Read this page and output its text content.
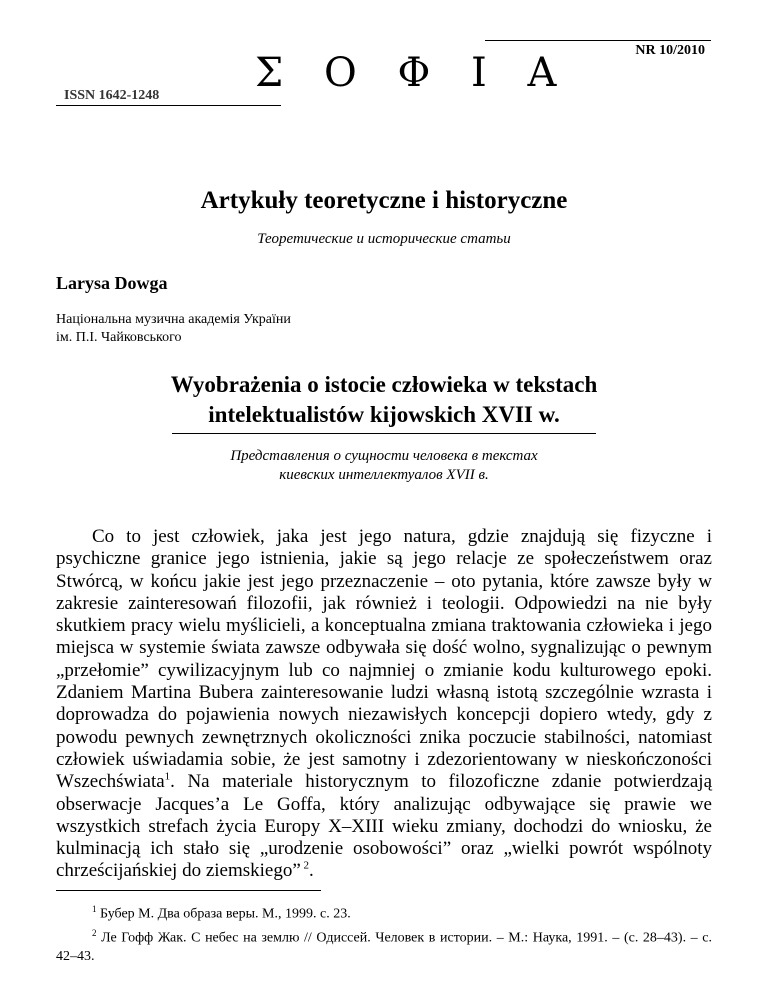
NR 10/2010
Σ Ο Φ Ι Α
ISSN 1642-1248
Artykuły teoretyczne i historyczne
Теоретические и исторические статьи
Larysa Dowga
Національна музична академія України
ім. П.І. Чайковського
Wyobrażenia o istocie człowieka w tekstach
intelektualistów kijowskich XVII w.
Представления о сущности человека в текстах
киевских интеллектуалов XVII в.
Co to jest człowiek, jaka jest jego natura, gdzie znajdują się fizyczne i psychiczne granice jego istnienia, jakie są jego relacje ze społeczeństwem oraz Stwórcą, w końcu jakie jest jego przeznaczenie – oto pytania, które zawsze były w zakresie zainteresowań filozofii, jak również i teologii. Odpowiedzi na nie były skutkiem pracy wielu myślicieli, a konceptualna zmiana traktowania człowieka i jego miejsca w systemie świata zawsze odbywała się dość wolno, sygnalizując o pewnym „przełomie” cywilizacyjnym lub co najmniej o zmianie kodu kulturowego epoki. Zdaniem Martina Bubera zainteresowanie ludzi własną istotą szczególnie wzrasta i doprowadza do pojawienia nowych niezawisłych koncepcji dopiero wtedy, gdy z powodu pewnych zewnętrznych okoliczności znika poczucie stabilności, natomiast człowiek uświadamia sobie, że jest samotny i zdezorientowany w nieskończoności Wszechświata$^1$. Na materiale historycznym to filozoficzne zdanie potwierdzają obserwacje Jacques’a Le Goffa, który analizując odbywające się prawie we wszystkich strefach życia Europy X–XIII wieku zmiany, dochodzi do wniosku, że kulminacją ich stało się „urodzenie osobowości” oraz „wielki powrót wspólnoty chrześcijańskiej do ziemskiego” $^2$.

$^1$ Бубер М. Два образа веры. М., 1999. с. 23.

$^2$ Ле Гофф Жак. С небес на землю // Одиссей. Человек в истории. – М.: Наука, 1991. – (с. 28–43). – с. 42–43.
